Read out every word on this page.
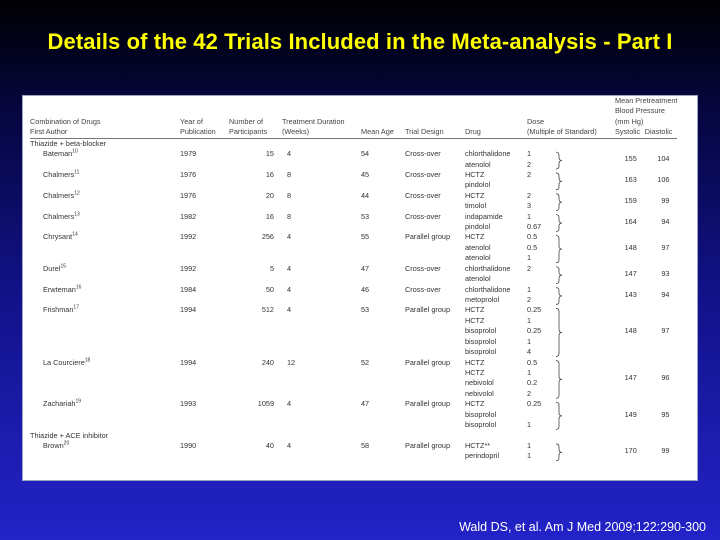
Details of the 42 Trials Included in the Meta-analysis - Part I
								Mean Pretreatment	
								Blood Pressure	
Combination of Drugs	Year of	Number of	Treatment Duration				Dose	(mm Hg)	
First Author	Publication	Participants	(Weeks)	Mean Age	Trial Design	Drug	(Multiple of Standard)	Systolic	Diastolic
Thiazide + beta-blocker									
Bateman$^{10}$	1979	15	4	54	Cross-over	chlorthalidone	1	155	104
						atenolol	2		
Chalmers$^{11}$	1976	16	8	45	Cross-over	HCTZ	2	163	106
						pindolol			
Chalmers$^{12}$	1976	20	8	44	Cross-over	HCTZ	2	159	99
						timolol	3		
Chalmers$^{13}$	1982	16	8	53	Cross-over	indapamide	1	164	94
						pindolol	0.67		
Chrysant$^{14}$	1992	256	4	55	Parallel group	HCTZ	0.5		
						atenolol	0.5	148	97
						atenolol	1		
Durel$^{15}$	1992	5	4	47	Cross-over	chlorthalidone	2	147	93
						atenolol			
Erwteman$^{16}$	1984	50	4	46	Cross-over	chlorthalidone	1	143	94
						metoprolol	2		
Frishman$^{17}$	1994	512	4	53	Parallel group	HCTZ	0.25		
						HCTZ	1		
						bisoprolol	0.25	148	97
						bisoprolol	1		
						bisoprolol	4		
La Courciere$^{18}$	1994	240	12	52	Parallel group	HCTZ	0.5		
						HCTZ	1	147	96
						nebivolol	0.2		
						nebivolol	2		
Zachariah$^{19}$	1993	1059	4	47	Parallel group	HCTZ	0.25		
						bisoprolol		149	95
						bisoprolol	1		
Thiazide + ACE inhibitor									
Brown$^{20}$	1990	40	4	58	Parallel group	HCTZ**	1	170	99
						perindopril	1		
Wald DS, et al. Am J Med 2009;122:290-300
